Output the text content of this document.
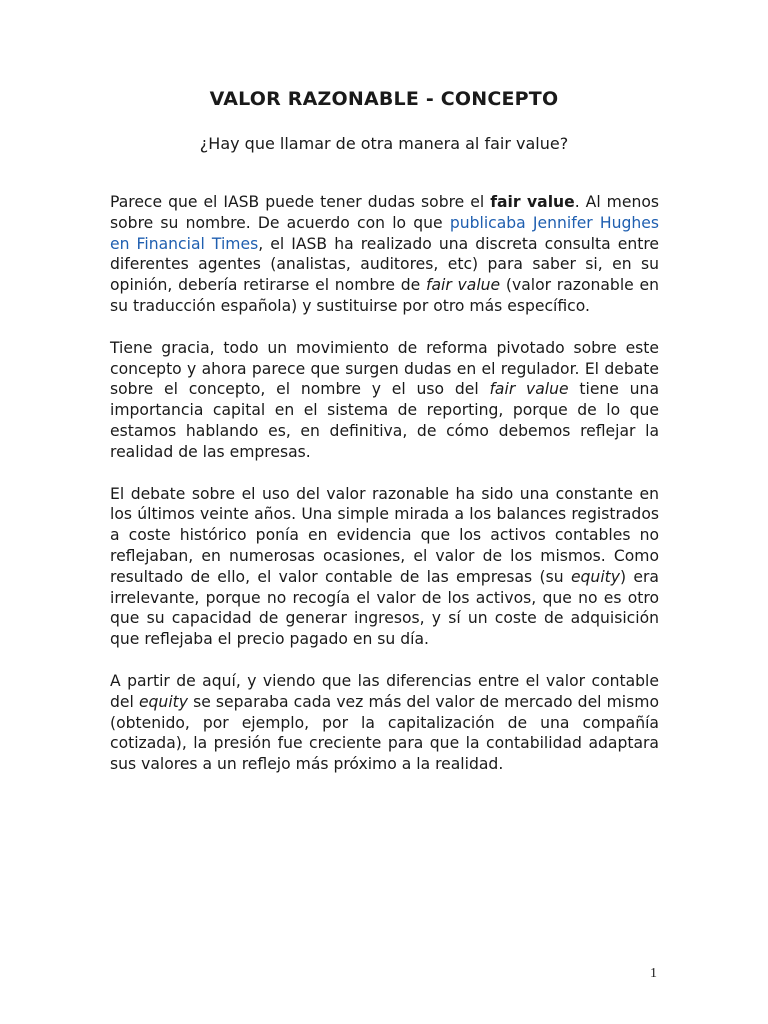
VALOR RAZONABLE - CONCEPTO
¿Hay que llamar de otra manera al fair value?

Parece que el IASB puede tener dudas sobre el fair value. Al menos sobre su nombre. De acuerdo con lo que publicaba Jennifer Hughes en Financial Times, el IASB ha realizado una discreta consulta entre diferentes agentes (analistas, auditores, etc) para saber si, en su opinión, debería retirarse el nombre de fair value (valor razonable en su traducción española) y sustituirse por otro más específico.

Tiene gracia, todo un movimiento de reforma pivotado sobre este concepto y ahora parece que surgen dudas en el regulador. El debate sobre el concepto, el nombre y el uso del fair value tiene una importancia capital en el sistema de reporting, porque de lo que estamos hablando es, en definitiva, de cómo debemos reflejar la realidad de las empresas.

El debate sobre el uso del valor razonable ha sido una constante en los últimos veinte años. Una simple mirada a los balances registrados a coste histórico ponía en evidencia que los activos contables no reflejaban, en numerosas ocasiones, el valor de los mismos. Como resultado de ello, el valor contable de las empresas (su equity) era irrelevante, porque no recogía el valor de los activos, que no es otro que su capacidad de generar ingresos, y sí un coste de adquisición que reflejaba el precio pagado en su día.

A partir de aquí, y viendo que las diferencias entre el valor contable del equity se separaba cada vez más del valor de mercado del mismo (obtenido, por ejemplo, por la capitalización de una compañía cotizada), la presión fue creciente para que la contabilidad adaptara sus valores a un reflejo más próximo a la realidad.

1
